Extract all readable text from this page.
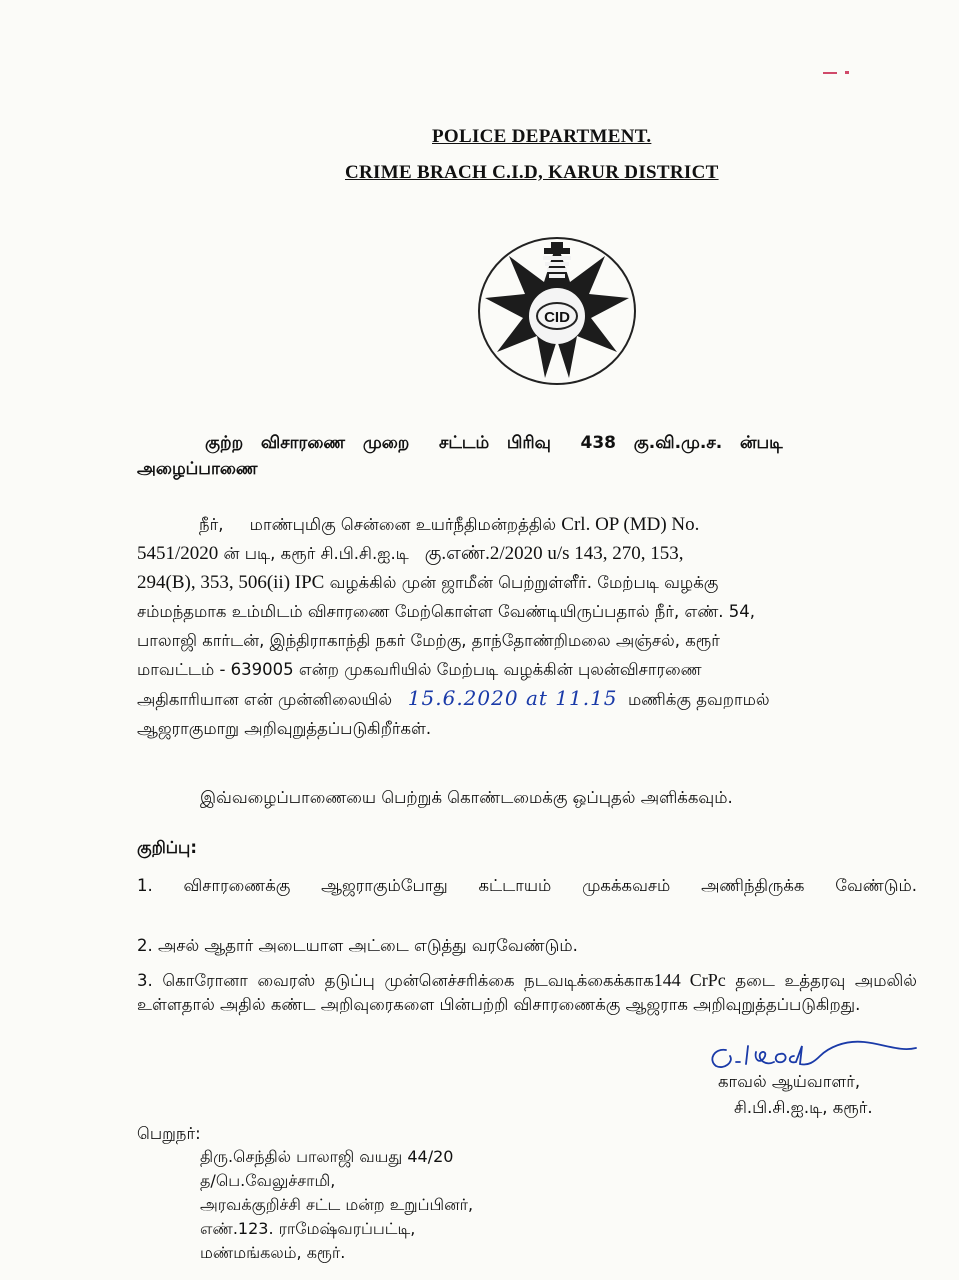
POLICE DEPARTMENT.
CRIME BRACH C.I.D, KARUR DISTRICT
CID
குற்ற விசாரணை முறை சட்டம் பிரிவு 438 கு.வி.மு.ச. ன்படி
அழைப்பாணை
நீர், மாண்புமிகு சென்னை உயர்நீதிமன்றத்தில் Crl. OP (MD) No.
5451/2020 ன் படி, கரூர் சி.பி.சி.ஐ.டி கு.எண்.2/2020 u/s 143, 270, 153,
294(B), 353, 506(ii) IPC வழக்கில் முன் ஜாமீன் பெற்றுள்ளீர். மேற்படி வழக்கு
சம்மந்தமாக உம்மிடம் விசாரணை மேற்கொள்ள வேண்டியிருப்பதால் நீர், எண். 54,
பாலாஜி கார்டன், இந்திராகாந்தி நகர் மேற்கு, தாந்தோண்றிமலை அஞ்சல், கரூர்
மாவட்டம் - 639005 என்ற முகவரியில் மேற்படி வழக்கின் புலன்விசாரணை
அதிகாரியான என் முன்னிலையில் 15.6.2020 at 11.15 மணிக்கு தவறாமல்
ஆஜராகுமாறு அறிவுறுத்தப்படுகிறீர்கள்.
இவ்வழைப்பாணையை பெற்றுக் கொண்டமைக்கு ஒப்புதல் அளிக்கவும்.
குறிப்பு:
1. விசாரணைக்கு ஆஜராகும்போது கட்டாயம் முகக்கவசம் அணிந்திருக்க வேண்டும்.
2. அசல் ஆதார் அடையாள அட்டை எடுத்து வரவேண்டும்.
3. கொரோனா வைரஸ் தடுப்பு முன்னெச்சரிக்கை நடவடிக்கைக்காக144 CrPc தடை உத்தரவு அமலில் உள்ளதால் அதில் கண்ட அறிவுரைகளை பின்பற்றி விசாரணைக்கு ஆஜராக அறிவுறுத்தப்படுகிறது.
காவல் ஆய்வாளர்,
சி.பி.சி.ஐ.டி, கரூர்.
பெறுநர்:
திரு.செந்தில் பாலாஜி வயது 44/20
த/பெ.வேலுச்சாமி,
அரவக்குறிச்சி சட்ட மன்ற உறுப்பினர்,
எண்.123. ராமேஷ்வரப்பட்டி,
மண்மங்கலம், கரூர்.
